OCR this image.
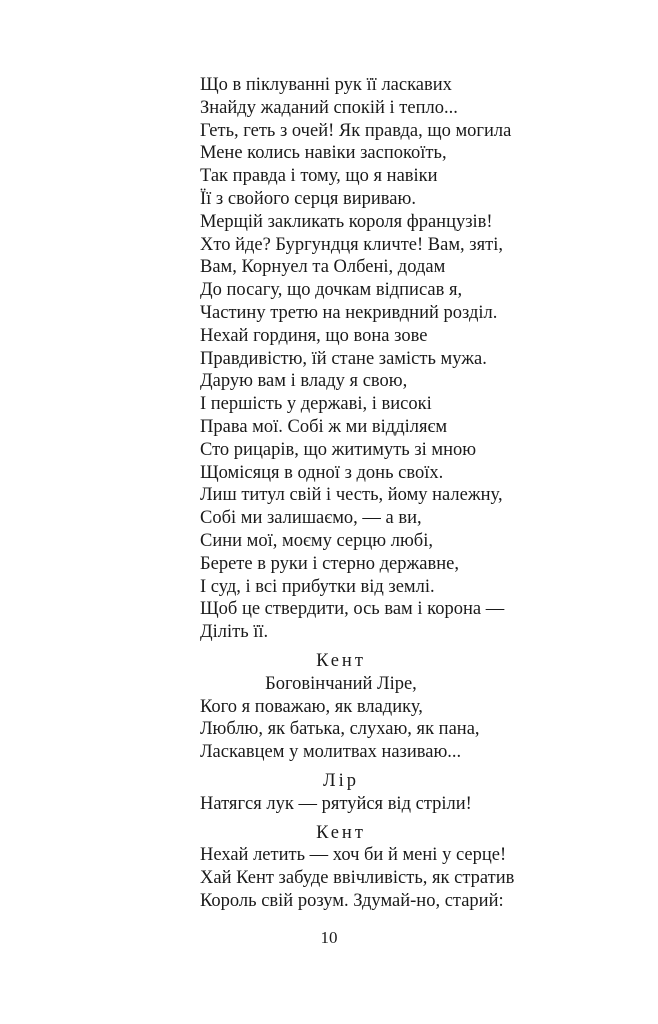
Що в піклуванні рук її ласкавих
Знайду жаданий спокій і тепло...
Геть, геть з очей! Як правда, що могила
Мене колись навіки заспокоїть,
Так правда і тому, що я навіки
Її з свойого серця вириваю.
Мерщій закликать короля французів!
Хто йде? Бургундця кличте! Вам, зяті,
Вам, Корнуел та Олбені, додам
До посагу, що дочкам відписав я,
Частину третю на некривдний розділ.
Нехай гординя, що вона зове
Правдивістю, їй стане замість мужа.
Дарую вам і владу я свою,
І першість у державі, і високі
Права мої. Собі ж ми відділяєм
Сто рицарів, що житимуть зі мною
Щомісяця в одної з донь своїх.
Лиш титул свій і честь, йому належну,
Собі ми залишаємо, — а ви,
Сини мої, моєму серцю любі,
Берете в руки і стерно державне,
І суд, і всі прибутки від землі.
Щоб це ствердити, ось вам і корона —
Діліть її.
Кент
Боговінчаний Ліре,
Кого я поважаю, як владику,
Люблю, як батька, слухаю, як пана,
Ласкавцем у молитвах називаю...
Лір
Натягся лук — рятуйся від стріли!
Кент
Нехай летить — хоч би й мені у серце!
Хай Кент забуде ввічливість, як стратив
Король свій розум. Здумай-но, старий:
10
